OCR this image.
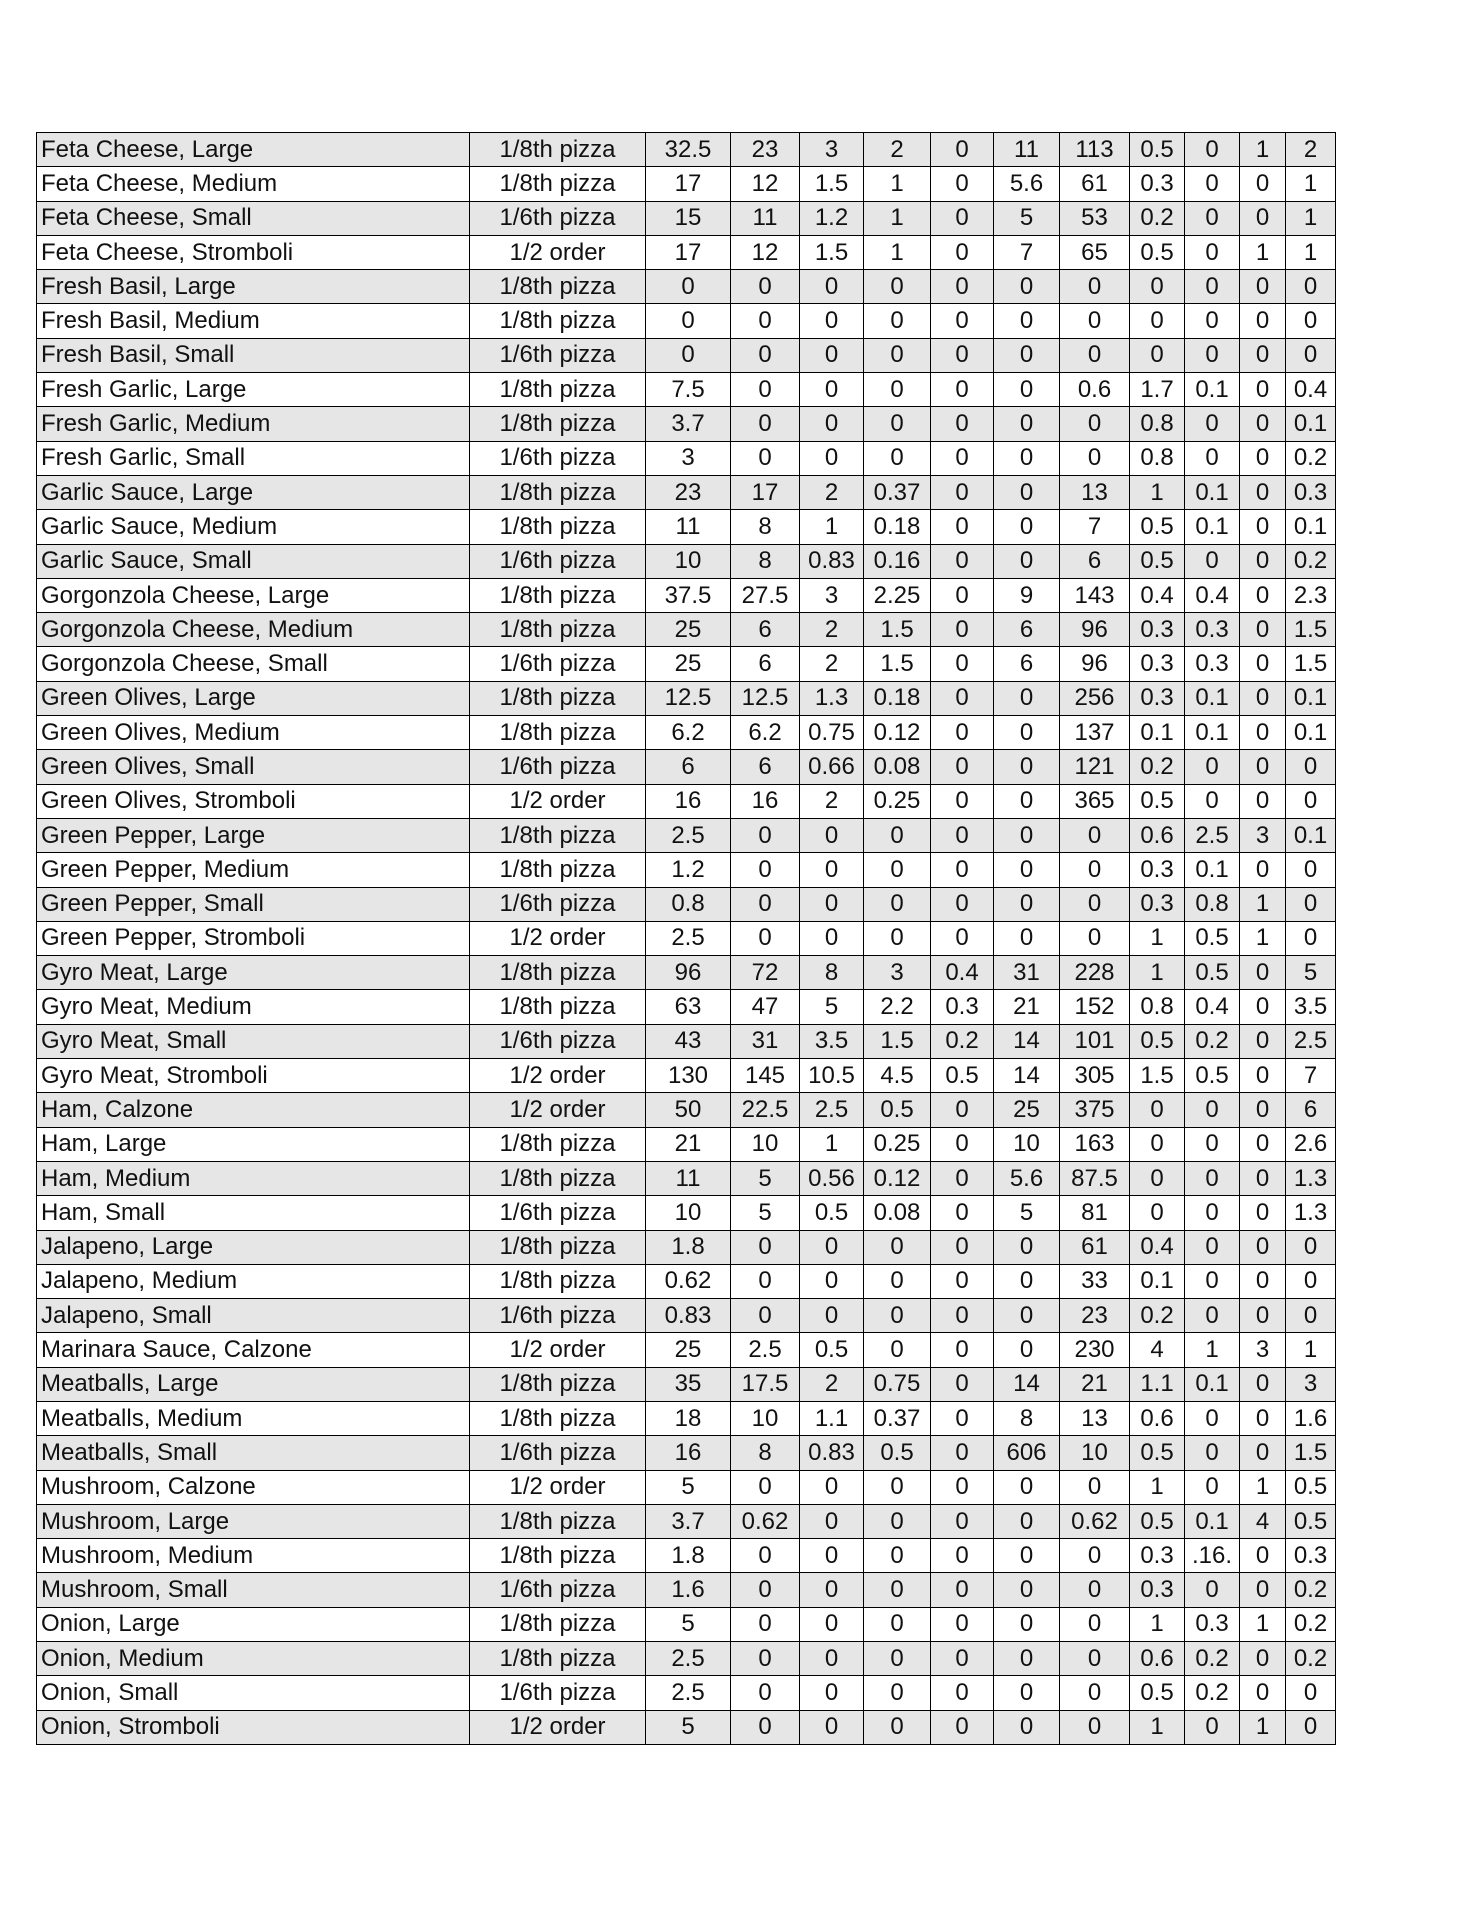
Feta Cheese, Large	1/8th pizza	32.5	23	3	2	0	11	113	0.5	0	1	2
Feta Cheese, Medium	1/8th pizza	17	12	1.5	1	0	5.6	61	0.3	0	0	1
Feta Cheese, Small	1/6th pizza	15	11	1.2	1	0	5	53	0.2	0	0	1
Feta Cheese, Stromboli	1/2 order	17	12	1.5	1	0	7	65	0.5	0	1	1
Fresh Basil, Large	1/8th pizza	0	0	0	0	0	0	0	0	0	0	0
Fresh Basil, Medium	1/8th pizza	0	0	0	0	0	0	0	0	0	0	0
Fresh Basil, Small	1/6th pizza	0	0	0	0	0	0	0	0	0	0	0
Fresh Garlic, Large	1/8th pizza	7.5	0	0	0	0	0	0.6	1.7	0.1	0	0.4
Fresh Garlic, Medium	1/8th pizza	3.7	0	0	0	0	0	0	0.8	0	0	0.1
Fresh Garlic, Small	1/6th pizza	3	0	0	0	0	0	0	0.8	0	0	0.2
Garlic Sauce, Large	1/8th pizza	23	17	2	0.37	0	0	13	1	0.1	0	0.3
Garlic Sauce, Medium	1/8th pizza	11	8	1	0.18	0	0	7	0.5	0.1	0	0.1
Garlic Sauce, Small	1/6th pizza	10	8	0.83	0.16	0	0	6	0.5	0	0	0.2
Gorgonzola Cheese, Large	1/8th pizza	37.5	27.5	3	2.25	0	9	143	0.4	0.4	0	2.3
Gorgonzola Cheese, Medium	1/8th pizza	25	6	2	1.5	0	6	96	0.3	0.3	0	1.5
Gorgonzola Cheese, Small	1/6th pizza	25	6	2	1.5	0	6	96	0.3	0.3	0	1.5
Green Olives, Large	1/8th pizza	12.5	12.5	1.3	0.18	0	0	256	0.3	0.1	0	0.1
Green Olives, Medium	1/8th pizza	6.2	6.2	0.75	0.12	0	0	137	0.1	0.1	0	0.1
Green Olives, Small	1/6th pizza	6	6	0.66	0.08	0	0	121	0.2	0	0	0
Green Olives, Stromboli	1/2 order	16	16	2	0.25	0	0	365	0.5	0	0	0
Green Pepper, Large	1/8th pizza	2.5	0	0	0	0	0	0	0.6	2.5	3	0.1
Green Pepper, Medium	1/8th pizza	1.2	0	0	0	0	0	0	0.3	0.1	0	0
Green Pepper, Small	1/6th pizza	0.8	0	0	0	0	0	0	0.3	0.8	1	0
Green Pepper, Stromboli	1/2 order	2.5	0	0	0	0	0	0	1	0.5	1	0
Gyro Meat, Large	1/8th pizza	96	72	8	3	0.4	31	228	1	0.5	0	5
Gyro Meat, Medium	1/8th pizza	63	47	5	2.2	0.3	21	152	0.8	0.4	0	3.5
Gyro Meat, Small	1/6th pizza	43	31	3.5	1.5	0.2	14	101	0.5	0.2	0	2.5
Gyro Meat, Stromboli	1/2 order	130	145	10.5	4.5	0.5	14	305	1.5	0.5	0	7
Ham, Calzone	1/2 order	50	22.5	2.5	0.5	0	25	375	0	0	0	6
Ham, Large	1/8th pizza	21	10	1	0.25	0	10	163	0	0	0	2.6
Ham, Medium	1/8th pizza	11	5	0.56	0.12	0	5.6	87.5	0	0	0	1.3
Ham, Small	1/6th pizza	10	5	0.5	0.08	0	5	81	0	0	0	1.3
Jalapeno, Large	1/8th pizza	1.8	0	0	0	0	0	61	0.4	0	0	0
Jalapeno, Medium	1/8th pizza	0.62	0	0	0	0	0	33	0.1	0	0	0
Jalapeno, Small	1/6th pizza	0.83	0	0	0	0	0	23	0.2	0	0	0
Marinara Sauce, Calzone	1/2 order	25	2.5	0.5	0	0	0	230	4	1	3	1
Meatballs, Large	1/8th pizza	35	17.5	2	0.75	0	14	21	1.1	0.1	0	3
Meatballs, Medium	1/8th pizza	18	10	1.1	0.37	0	8	13	0.6	0	0	1.6
Meatballs, Small	1/6th pizza	16	8	0.83	0.5	0	606	10	0.5	0	0	1.5
Mushroom, Calzone	1/2 order	5	0	0	0	0	0	0	1	0	1	0.5
Mushroom, Large	1/8th pizza	3.7	0.62	0	0	0	0	0.62	0.5	0.1	4	0.5
Mushroom, Medium	1/8th pizza	1.8	0	0	0	0	0	0	0.3	.16.	0	0.3
Mushroom, Small	1/6th pizza	1.6	0	0	0	0	0	0	0.3	0	0	0.2
Onion, Large	1/8th pizza	5	0	0	0	0	0	0	1	0.3	1	0.2
Onion, Medium	1/8th pizza	2.5	0	0	0	0	0	0	0.6	0.2	0	0.2
Onion, Small	1/6th pizza	2.5	0	0	0	0	0	0	0.5	0.2	0	0
Onion, Stromboli	1/2 order	5	0	0	0	0	0	0	1	0	1	0
